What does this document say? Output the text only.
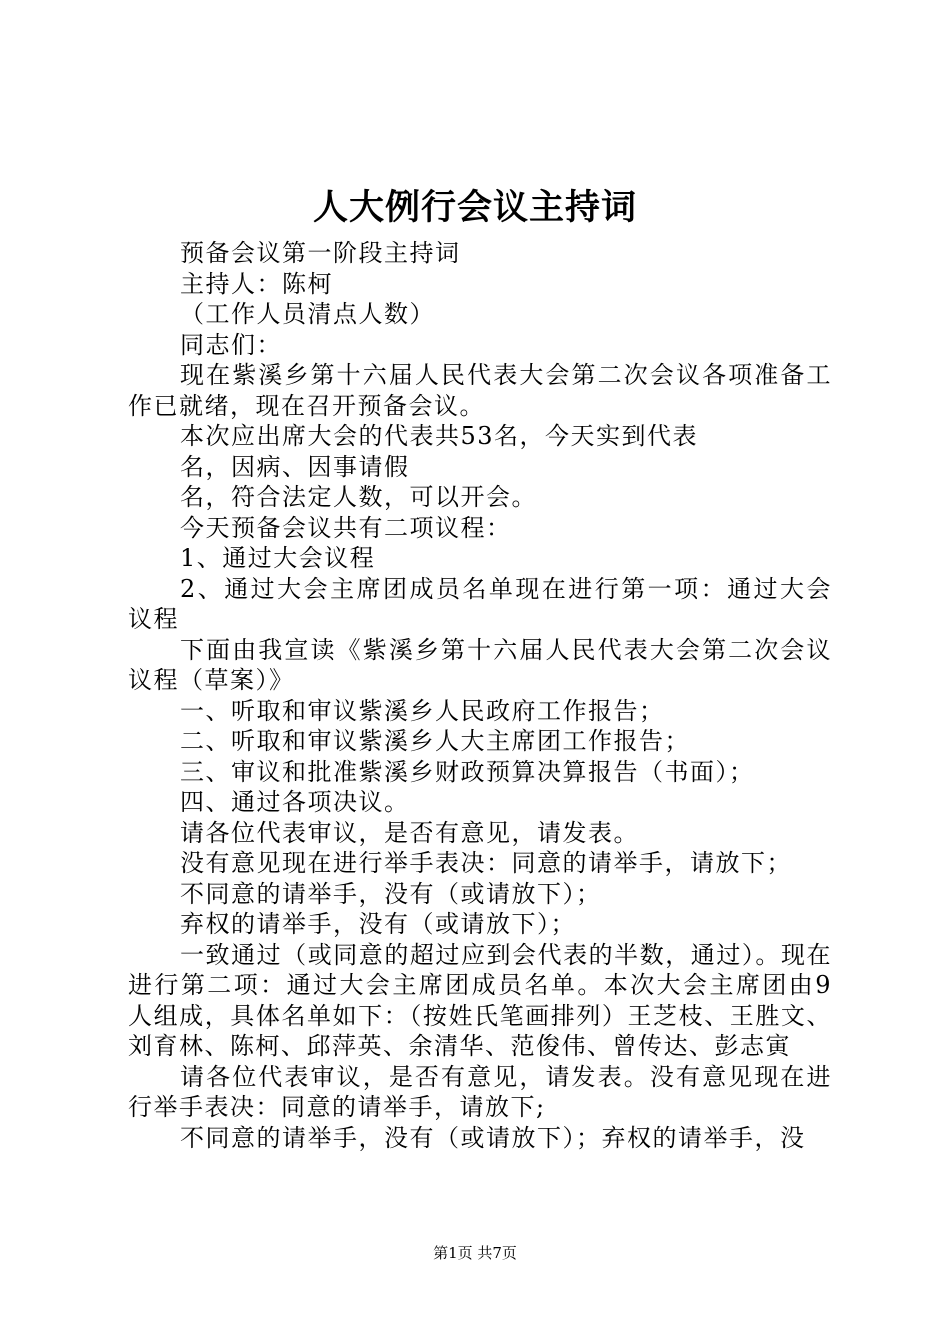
人大例行会议主持词

预备会议第一阶段主持词

主持人：陈柯

（工作人员清点人数）

同志们：

现在紫溪乡第十六届人民代表大会第二次会议各项准备工作已就绪，现在召开预备会议。

本次应出席大会的代表共53名，今天实到代表

名，因病、因事请假

名，符合法定人数，可以开会。

今天预备会议共有二项议程：

1、通过大会议程

2、通过大会主席团成员名单现在进行第一项：通过大会议程

下面由我宣读《紫溪乡第十六届人民代表大会第二次会议议程（草案）》

一、听取和审议紫溪乡人民政府工作报告；

二、听取和审议紫溪乡人大主席团工作报告；

三、审议和批准紫溪乡财政预算决算报告（书面）；

四、通过各项决议。

请各位代表审议，是否有意见，请发表。

没有意见现在进行举手表决：同意的请举手，请放下；

不同意的请举手，没有（或请放下）；

弃权的请举手，没有（或请放下）；

一致通过（或同意的超过应到会代表的半数，通过）。现在进行第二项：通过大会主席团成员名单。本次大会主席团由9人组成，具体名单如下：（按姓氏笔画排列）王芝枝、王胜文、刘育林、陈柯、邱萍英、余清华、范俊伟、曾传达、彭志寅

请各位代表审议，是否有意见，请发表。没有意见现在进行举手表决：同意的请举手，请放下;

不同意的请举手，没有（或请放下）；弃权的请举手，没

第1页 共7页
